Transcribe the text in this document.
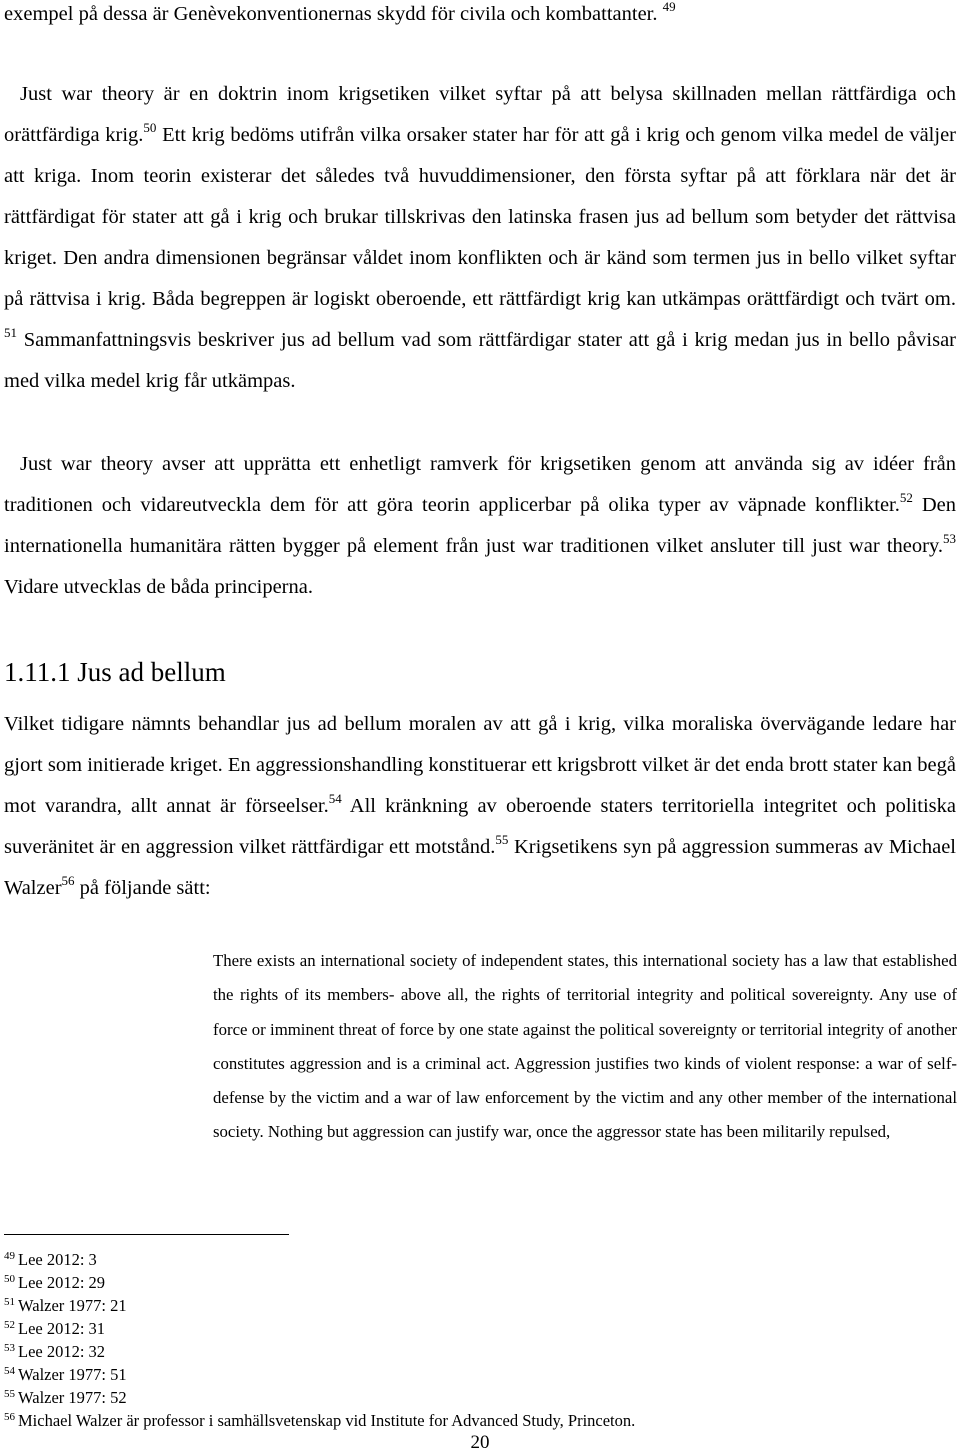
exempel på dessa är Genèvekonventionernas skydd för civila och kombattanter. $^{49}$

Just war theory är en doktrin inom krigsetiken vilket syftar på att belysa skillnaden mellan rättfärdiga och orättfärdiga krig.$^{50}$ Ett krig bedöms utifrån vilka orsaker stater har för att gå i krig och genom vilka medel de väljer att kriga. Inom teorin existerar det således två huvuddimensioner, den första syftar på att förklara när det är rättfärdigat för stater att gå i krig och brukar tillskrivas den latinska frasen jus ad bellum som betyder det rättvisa kriget. Den andra dimensionen begränsar våldet inom konflikten och är känd som termen jus in bello vilket syftar på rättvisa i krig. Båda begreppen är logiskt oberoende, ett rättfärdigt krig kan utkämpas orättfärdigt och tvärt om. $^{51}$ Sammanfattningsvis beskriver jus ad bellum vad som rättfärdigar stater att gå i krig medan jus in bello påvisar med vilka medel krig får utkämpas.

Just war theory avser att upprätta ett enhetligt ramverk för krigsetiken genom att använda sig av idéer från traditionen och vidareutveckla dem för att göra teorin applicerbar på olika typer av väpnade konflikter.$^{52}$ Den internationella humanitära rätten bygger på element från just war traditionen vilket ansluter till just war theory.$^{53}$ Vidare utvecklas de båda principerna.

1.11.1 Jus ad bellum

Vilket tidigare nämnts behandlar jus ad bellum moralen av att gå i krig, vilka moraliska övervägande ledare har gjort som initierade kriget. En aggressionshandling konstituerar ett krigsbrott vilket är det enda brott stater kan begå mot varandra, allt annat är förseelser.$^{54}$ All kränkning av oberoende staters territoriella integritet och politiska suveränitet är en aggression vilket rättfärdigar ett motstånd.$^{55}$ Krigsetikens syn på aggression summeras av Michael Walzer$^{56}$ på följande sätt:

There exists an international society of independent states, this international society has a law that established the rights of its members- above all, the rights of territorial integrity and political sovereignty. Any use of force or imminent threat of force by one state against the political sovereignty or territorial integrity of another constitutes aggression and is a criminal act. Aggression justifies two kinds of violent response: a war of self-defense by the victim and a war of law enforcement by the victim and any other member of the international society. Nothing but aggression can justify war, once the aggressor state has been militarily repulsed,

$^{49}$ Lee 2012: 3
$^{50}$ Lee 2012: 29
$^{51}$ Walzer 1977: 21
$^{52}$ Lee 2012: 31
$^{53}$ Lee 2012: 32
$^{54}$ Walzer 1977: 51
$^{55}$ Walzer 1977: 52
$^{56}$ Michael Walzer är professor i samhällsvetenskap vid Institute for Advanced Study, Princeton.
20
